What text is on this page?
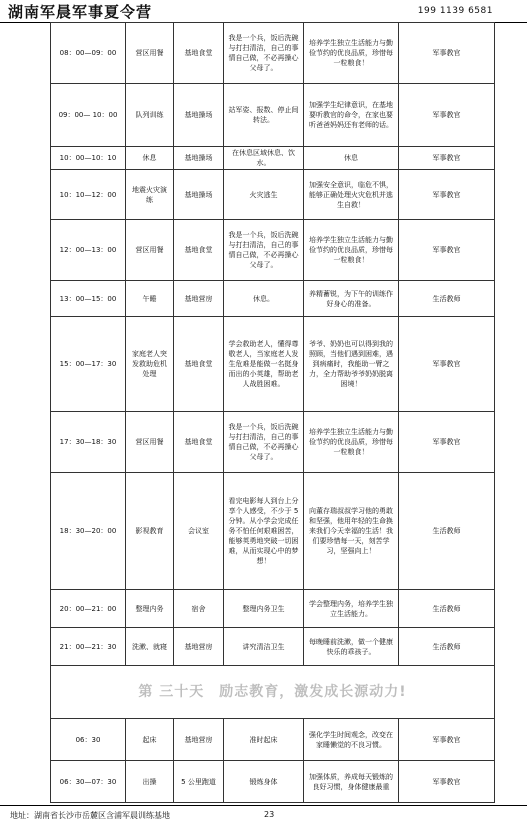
湖南军晨军事夏令营	199 1139 6581
08：00—09：00	营区用餐	基地食堂	我是一个兵，饭后洗碗与打扫清洁，自己的事情自己做，不必再操心父母了。	培养学生独立生活能力与勤俭节约的优良品质，珍惜每一粒粮食！	军事教官
09：00— 10：00	队列训练	基地操场	站军姿、报数、停止间转法。	加强学生纪律意识，在基地要听教官的命令，在家也要听爸爸妈妈还有老师的话。	军事教官
10：00—10：10	休息	基地操场	在休息区域休息、饮水。	休息	军事教官
10：10—12：00	地震火灾演练	基地操场	火灾逃生	加强安全意识，临危不惧，能够正确处理火灾危机并逃生自救！	军事教官
12：00—13：00	营区用餐	基地食堂	我是一个兵，饭后洗碗与打扫清洁，自己的事情自己做，不必再操心父母了。	培养学生独立生活能力与勤俭节约的优良品质，珍惜每一粒粮食！	军事教官
13：00—15：00	午睡	基地营房	休息。	养精蓄锐，为下午的训练作好身心的准备。	生活教师
15：00—17：30	家庭老人突发救助危机处理	基地食堂	学会救助老人，懂得尊敬老人，当家庭老人发生危难是能做一名挺身而出的小英雄，帮助老人战胜困难。	爷爷、奶奶也可以得到我的照顾，当他们遇到困难，遇到病痛时，我能助一臂之力，全力帮助爷爷奶奶脱离困境！	军事教官
17：30—18：30	营区用餐	基地食堂	我是一个兵，饭后洗碗与打扫清洁，自己的事情自己做，不必再操心父母了。	培养学生独立生活能力与勤俭节约的优良品质，珍惜每一粒粮食！	军事教官
18：30—20：00	影视教育	会议室	看完电影每人到台上分享个人感受，不少于 5 分钟。从小学会完成任务不怕任何艰难困苦，能够英勇地突破一切困难，从而实现心中的梦想！	向董存瑞叔叔学习他的勇敢和坚强，他用年轻的生命换来我们今天幸福的生活！我们要珍惜每一天，刻苦学习，坚强向上！	生活教师
20：00—21：00	整理内务	宿舍	整理内务卫生	学会整理内务，培养学生独立生活能力。	生活教师
21：00—21：30	洗漱、就寝	基地营房	讲究清洁卫生	每晚睡前洗漱，做一个健康快乐的乖孩子。	生活教师
第 三十天　励志教育，激发成长源动力!					
06：30	起床	基地营房	准时起床	强化学生时间观念，改变在家睡懒觉的不良习惯。	军事教官
06：30—07：30	出操	5 公里跑道	锻炼身体	加强体质，养成每天锻炼的良好习惯，身体健康最重	军事教官
地址：湖南省长沙市岳麓区含浦军晨训练基地	23
